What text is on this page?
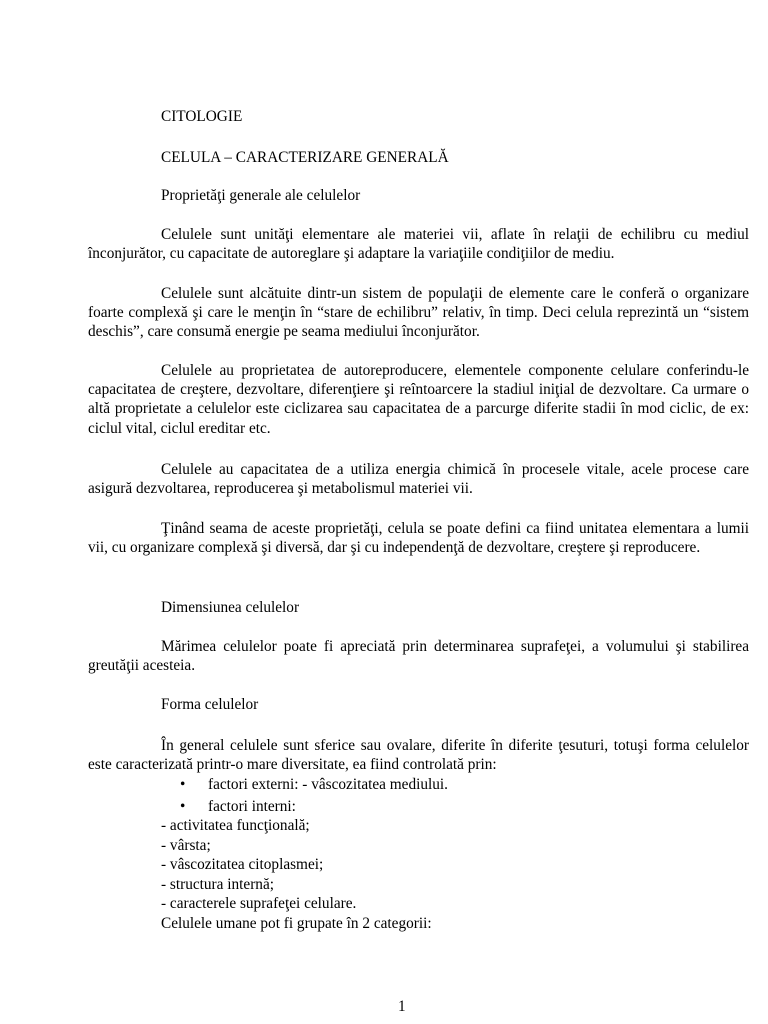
CITOLOGIE
CELULA – CARACTERIZARE GENERALĂ
Proprietăţi generale ale celulelor

Celulele sunt unităţi elementare ale materiei vii, aflate în relaţii de echilibru cu mediul înconjurător, cu capacitate de autoreglare şi adaptare la variaţiile condiţiilor de mediu.

Celulele sunt alcătuite dintr-un sistem de populaţii de elemente care le conferă o organizare foarte complexă şi care le menţin în “stare de echilibru” relativ, în timp. Deci celula reprezintă un “sistem deschis”, care consumă energie pe seama mediului înconjurător.

Celulele au proprietatea de autoreproducere, elementele componente celulare conferindu-le capacitatea de creştere, dezvoltare, diferenţiere şi reîntoarcere la stadiul iniţial de dezvoltare. Ca urmare o altă proprietate a celulelor este ciclizarea sau capacitatea de a parcurge diferite stadii în mod ciclic, de ex: ciclul vital, ciclul ereditar etc.

Celulele au capacitatea de a utiliza energia chimică în procesele vitale, acele procese care asigură dezvoltarea, reproducerea şi metabolismul materiei vii.

Ţinând seama de aceste proprietăţi, celula se poate defini ca fiind unitatea elementara a lumii vii, cu organizare complexă şi diversă, dar şi cu independenţă de dezvoltare, creştere şi reproducere.

Dimensiunea celulelor

Mărimea celulelor poate fi apreciată prin determinarea suprafeţei, a volumului şi stabilirea greutăţii acesteia.

Forma celulelor

În general celulele sunt sferice sau ovalare, diferite în diferite ţesuturi, totuşi forma celulelor este caracterizată printr-o mare diversitate, ea fiind controlată prin:

• factori externi: - vâscozitatea mediului.
• factori interni:
- activitatea funcţională;
- vârsta;
- vâscozitatea citoplasmei;
- structura internă;
- caracterele suprafeţei celulare.
Celulele umane pot fi grupate în 2 categorii:
1
